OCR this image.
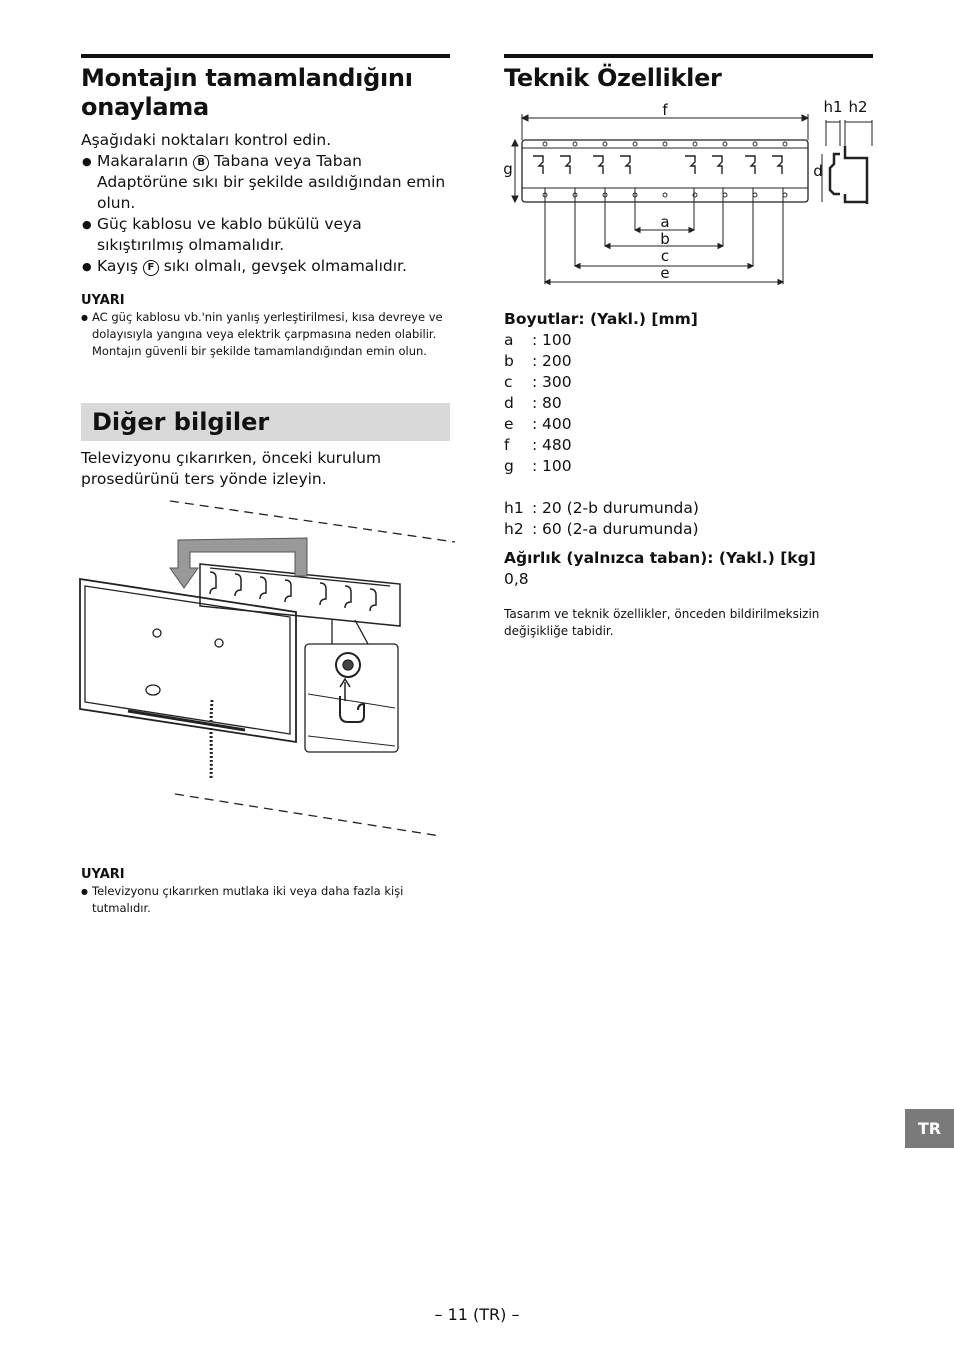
Montajın tamamlandığını onaylama
Aşağıdaki noktaları kontrol edin.
● Makaraların B Tabana veya Taban Adaptörüne sıkı bir şekilde asıldığından emin olun.
● Güç kablosu ve kablo bükülü veya sıkıştırılmış olmamalıdır.
● Kayış F sıkı olmalı, gevşek olmamalıdır.
UYARI
● AC güç kablosu vb.'nin yanlış yerleştirilmesi, kısa devreye ve dolayısıyla yangına veya elektrik çarpmasına neden olabilir. Montajın güvenli bir şekilde tamamlandığından emin olun.
Diğer bilgiler
Televizyonu çıkarırken, önceki kurulum prosedürünü ters yönde izleyin.
UYARI
● Televizyonu çıkarırken mutlaka iki veya daha fazla kişi tutmalıdır.
Teknik Özellikler
f	h1 h2
g	d
a
b
c
e
Boyutlar: (Yakl.) [mm]
a	: 100
b	: 200
c	: 300
d	: 80
e	: 400
f	: 480
g	: 100
h1 : 20 (2-b durumunda)
h2 : 60 (2-a durumunda)
Ağırlık (yalnızca taban): (Yakl.) [kg]
0,8
Tasarım ve teknik özellikler, önceden bildirilmeksizin değişikliğe tabidir.
TR
– 11 (TR) –
